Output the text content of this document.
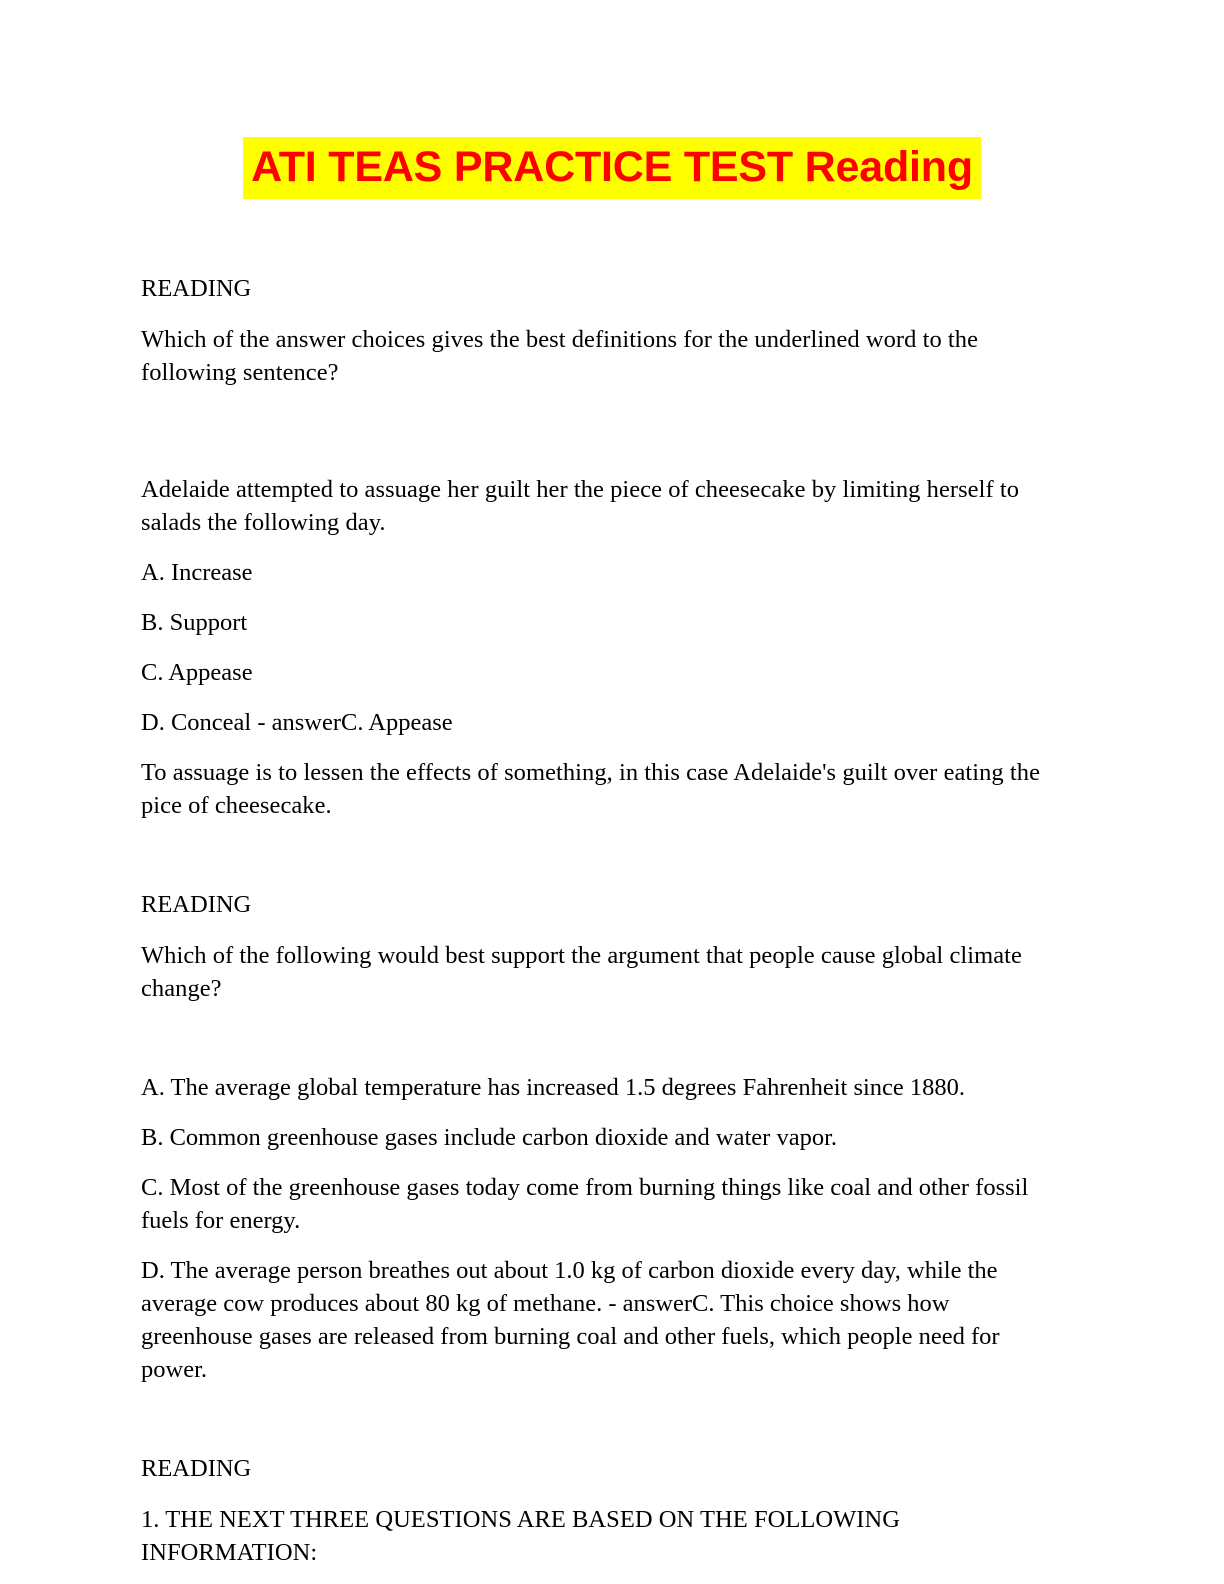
ATI TEAS PRACTICE TEST Reading
READING

Which of the answer choices gives the best definitions for the underlined word to the following sentence?

Adelaide attempted to assuage her guilt her the piece of cheesecake by limiting herself to salads the following day.

A. Increase

B. Support

C. Appease

D. Conceal - answerC. Appease

To assuage is to lessen the effects of something, in this case Adelaide's guilt over eating the pice of cheesecake.

READING

Which of the following would best support the argument that people cause global climate change?

A. The average global temperature has increased 1.5 degrees Fahrenheit since 1880.

B. Common greenhouse gases include carbon dioxide and water vapor.

C. Most of the greenhouse gases today come from burning things like coal and other fossil fuels for energy.

D. The average person breathes out about 1.0 kg of carbon dioxide every day, while the average cow produces about 80 kg of methane. - answerC. This choice shows how greenhouse gases are released from burning coal and other fuels, which people need for power.

READING

1. THE NEXT THREE QUESTIONS ARE BASED ON THE FOLLOWING INFORMATION:
